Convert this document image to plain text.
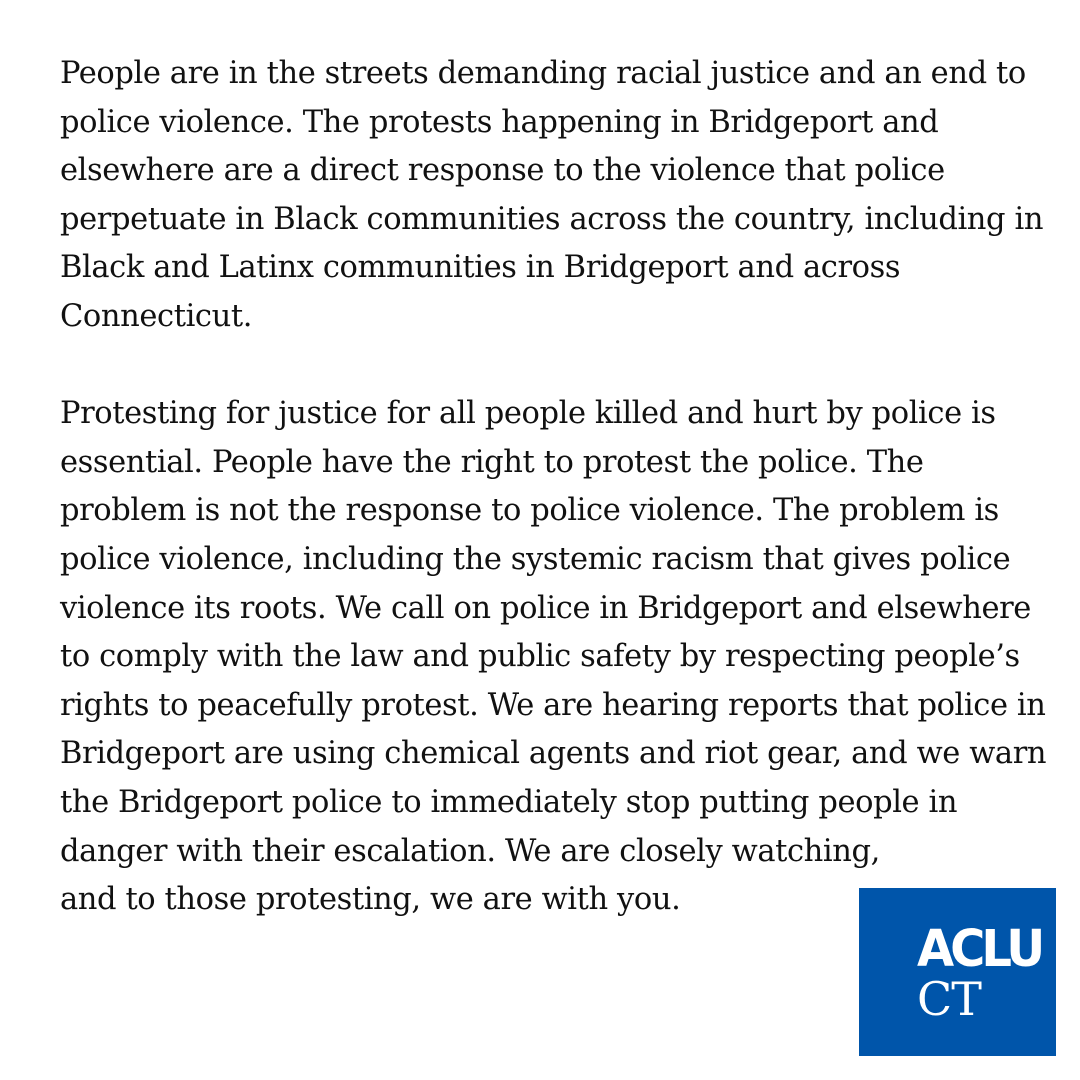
People are in the streets demanding racial justice and an end to
police violence. The protests happening in Bridgeport and
elsewhere are a direct response to the violence that police
perpetuate in Black communities across the country, including in
Black and Latinx communities in Bridgeport and across
Connecticut.

Protesting for justice for all people killed and hurt by police is
essential. People have the right to protest the police. The
problem is not the response to police violence. The problem is
police violence, including the systemic racism that gives police
violence its roots. We call on police in Bridgeport and elsewhere
to comply with the law and public safety by respecting people’s
rights to peacefully protest. We are hearing reports that police in
Bridgeport are using chemical agents and riot gear, and we warn
the Bridgeport police to immediately stop putting people in
danger with their escalation. We are closely watching,
and to those protesting, we are with you.

ACLU
CT
